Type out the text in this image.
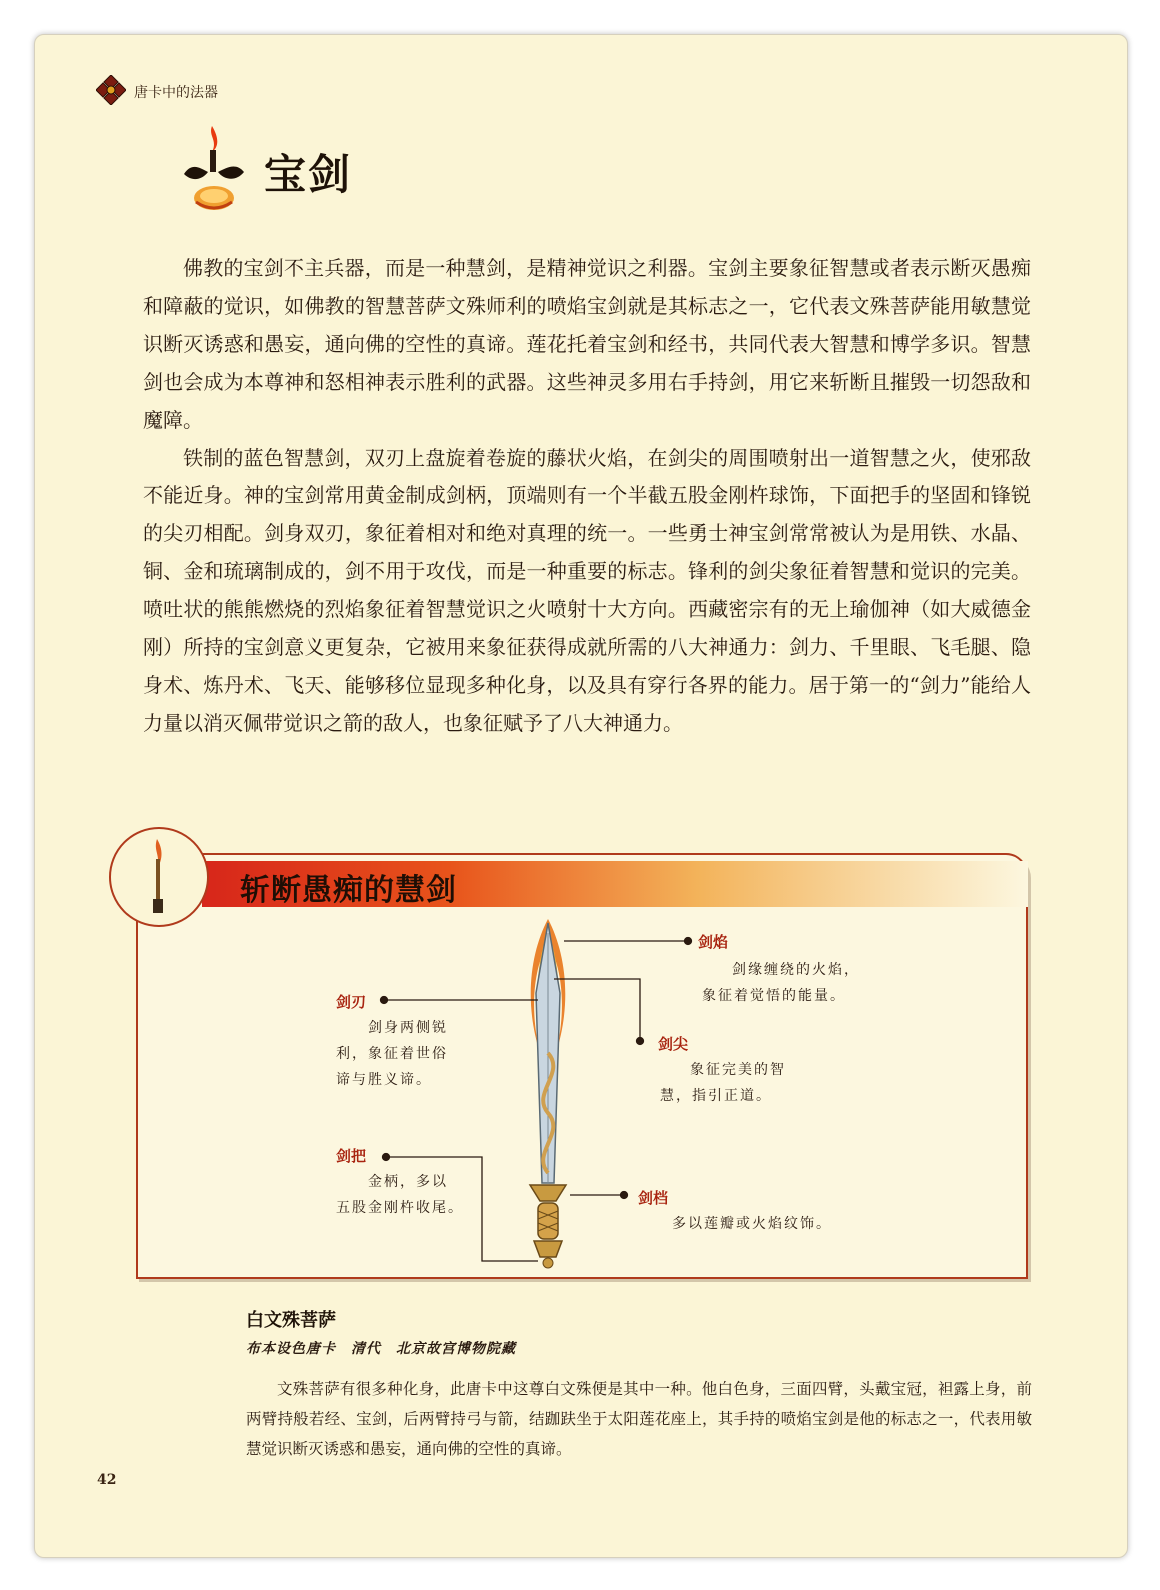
唐卡中的法器
宝剑

佛教的宝剑不主兵器，而是一种慧剑，是精神觉识之利器。宝剑主要象征智慧或者表示断灭愚痴和障蔽的觉识，如佛教的智慧菩萨文殊师利的喷焰宝剑就是其标志之一，它代表文殊菩萨能用敏慧觉识断灭诱惑和愚妄，通向佛的空性的真谛。莲花托着宝剑和经书，共同代表大智慧和博学多识。智慧剑也会成为本尊神和怒相神表示胜利的武器。这些神灵多用右手持剑，用它来斩断且摧毁一切怨敌和魔障。

铁制的蓝色智慧剑，双刃上盘旋着卷旋的藤状火焰，在剑尖的周围喷射出一道智慧之火，使邪敌不能近身。神的宝剑常用黄金制成剑柄，顶端则有一个半截五股金刚杵球饰，下面把手的坚固和锋锐的尖刃相配。剑身双刃，象征着相对和绝对真理的统一。一些勇士神宝剑常常被认为是用铁、水晶、铜、金和琉璃制成的，剑不用于攻伐，而是一种重要的标志。锋利的剑尖象征着智慧和觉识的完美。喷吐状的熊熊燃烧的烈焰象征着智慧觉识之火喷射十大方向。西藏密宗有的无上瑜伽神（如大威德金刚）所持的宝剑意义更复杂，它被用来象征获得成就所需的八大神通力：剑力、千里眼、飞毛腿、隐身术、炼丹术、飞天、能够移位显现多种化身，以及具有穿行各界的能力。居于第一的“剑力”能给人力量以消灭佩带觉识之箭的敌人，也象征赋予了八大神通力。

斩断愚痴的慧剑
剑焰
剑缘缠绕的火焰，
象征着觉悟的能量。
剑刃
剑身两侧锐
利，象征着世俗
谛与胜义谛。
剑尖
象征完美的智
慧，指引正道。
剑把
金柄，多以
五股金刚杵收尾。
剑档
多以莲瓣或火焰纹饰。
白文殊菩萨
布本设色唐卡　清代　北京故宫博物院藏

文殊菩萨有很多种化身，此唐卡中这尊白文殊便是其中一种。他白色身，三面四臂，头戴宝冠，袒露上身，前两臂持般若经、宝剑，后两臂持弓与箭，结跏趺坐于太阳莲花座上，其手持的喷焰宝剑是他的标志之一，代表用敏慧觉识断灭诱惑和愚妄，通向佛的空性的真谛。

42
